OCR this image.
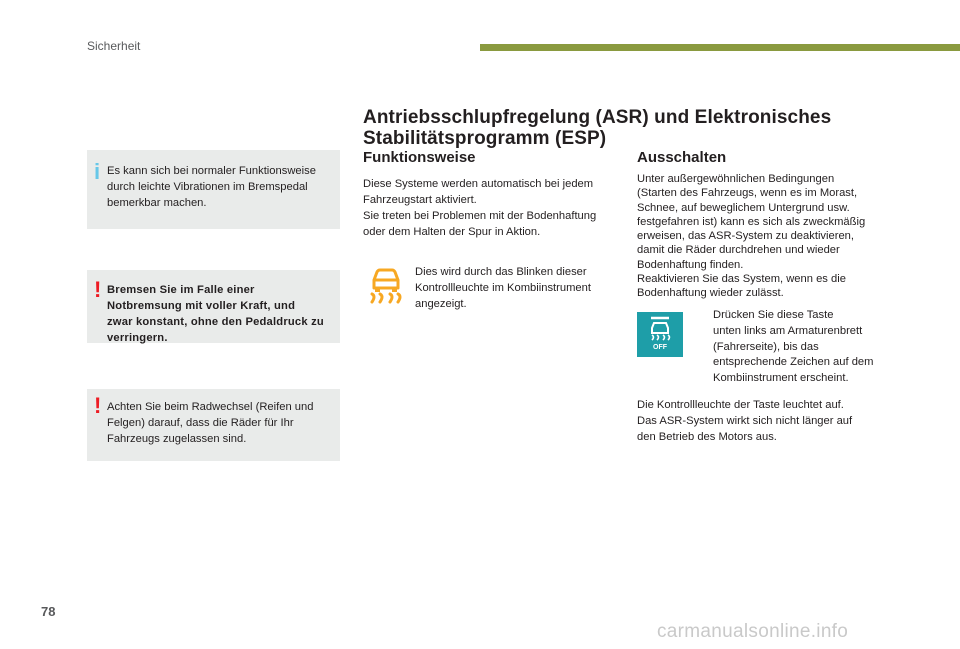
Sicherheit
i Es kann sich bei normaler Funktionsweise
durch leichte Vibrationen im Bremspedal
bemerkbar machen.
! Bremsen Sie im Falle einer
Notbremsung mit voller Kraft, und
zwar konstant, ohne den Pedaldruck zu
verringern.
! Achten Sie beim Radwechsel (Reifen und
Felgen) darauf, dass die Räder für Ihr
Fahrzeugs zugelassen sind.
Antriebsschlupfregelung (ASR) und Elektronisches
Stabilitätsprogramm (ESP)
Funktionsweise
Diese Systeme werden automatisch bei jedem
Fahrzeugstart aktiviert.
Sie treten bei Problemen mit der Bodenhaftung
oder dem Halten der Spur in Aktion.
Dies wird durch das Blinken dieser
Kontrollleuchte im Kombiinstrument
angezeigt.
Ausschalten
Unter außergewöhnlichen Bedingungen
(Starten des Fahrzeugs, wenn es im Morast,
Schnee, auf beweglichem Untergrund usw.
festgefahren ist) kann es sich als zweckmäßig
erweisen, das ASR-System zu deaktivieren,
damit die Räder durchdrehen und wieder
Bodenhaftung finden.
Reaktivieren Sie das System, wenn es die
Bodenhaftung wieder zulässt.
OFF
Drücken Sie diese Taste
unten links am Armaturenbrett
(Fahrerseite), bis das
entsprechende Zeichen auf dem
Kombiinstrument erscheint.
Die Kontrollleuchte der Taste leuchtet auf.
Das ASR-System wirkt sich nicht länger auf
den Betrieb des Motors aus.
78
carmanualsonline.info
